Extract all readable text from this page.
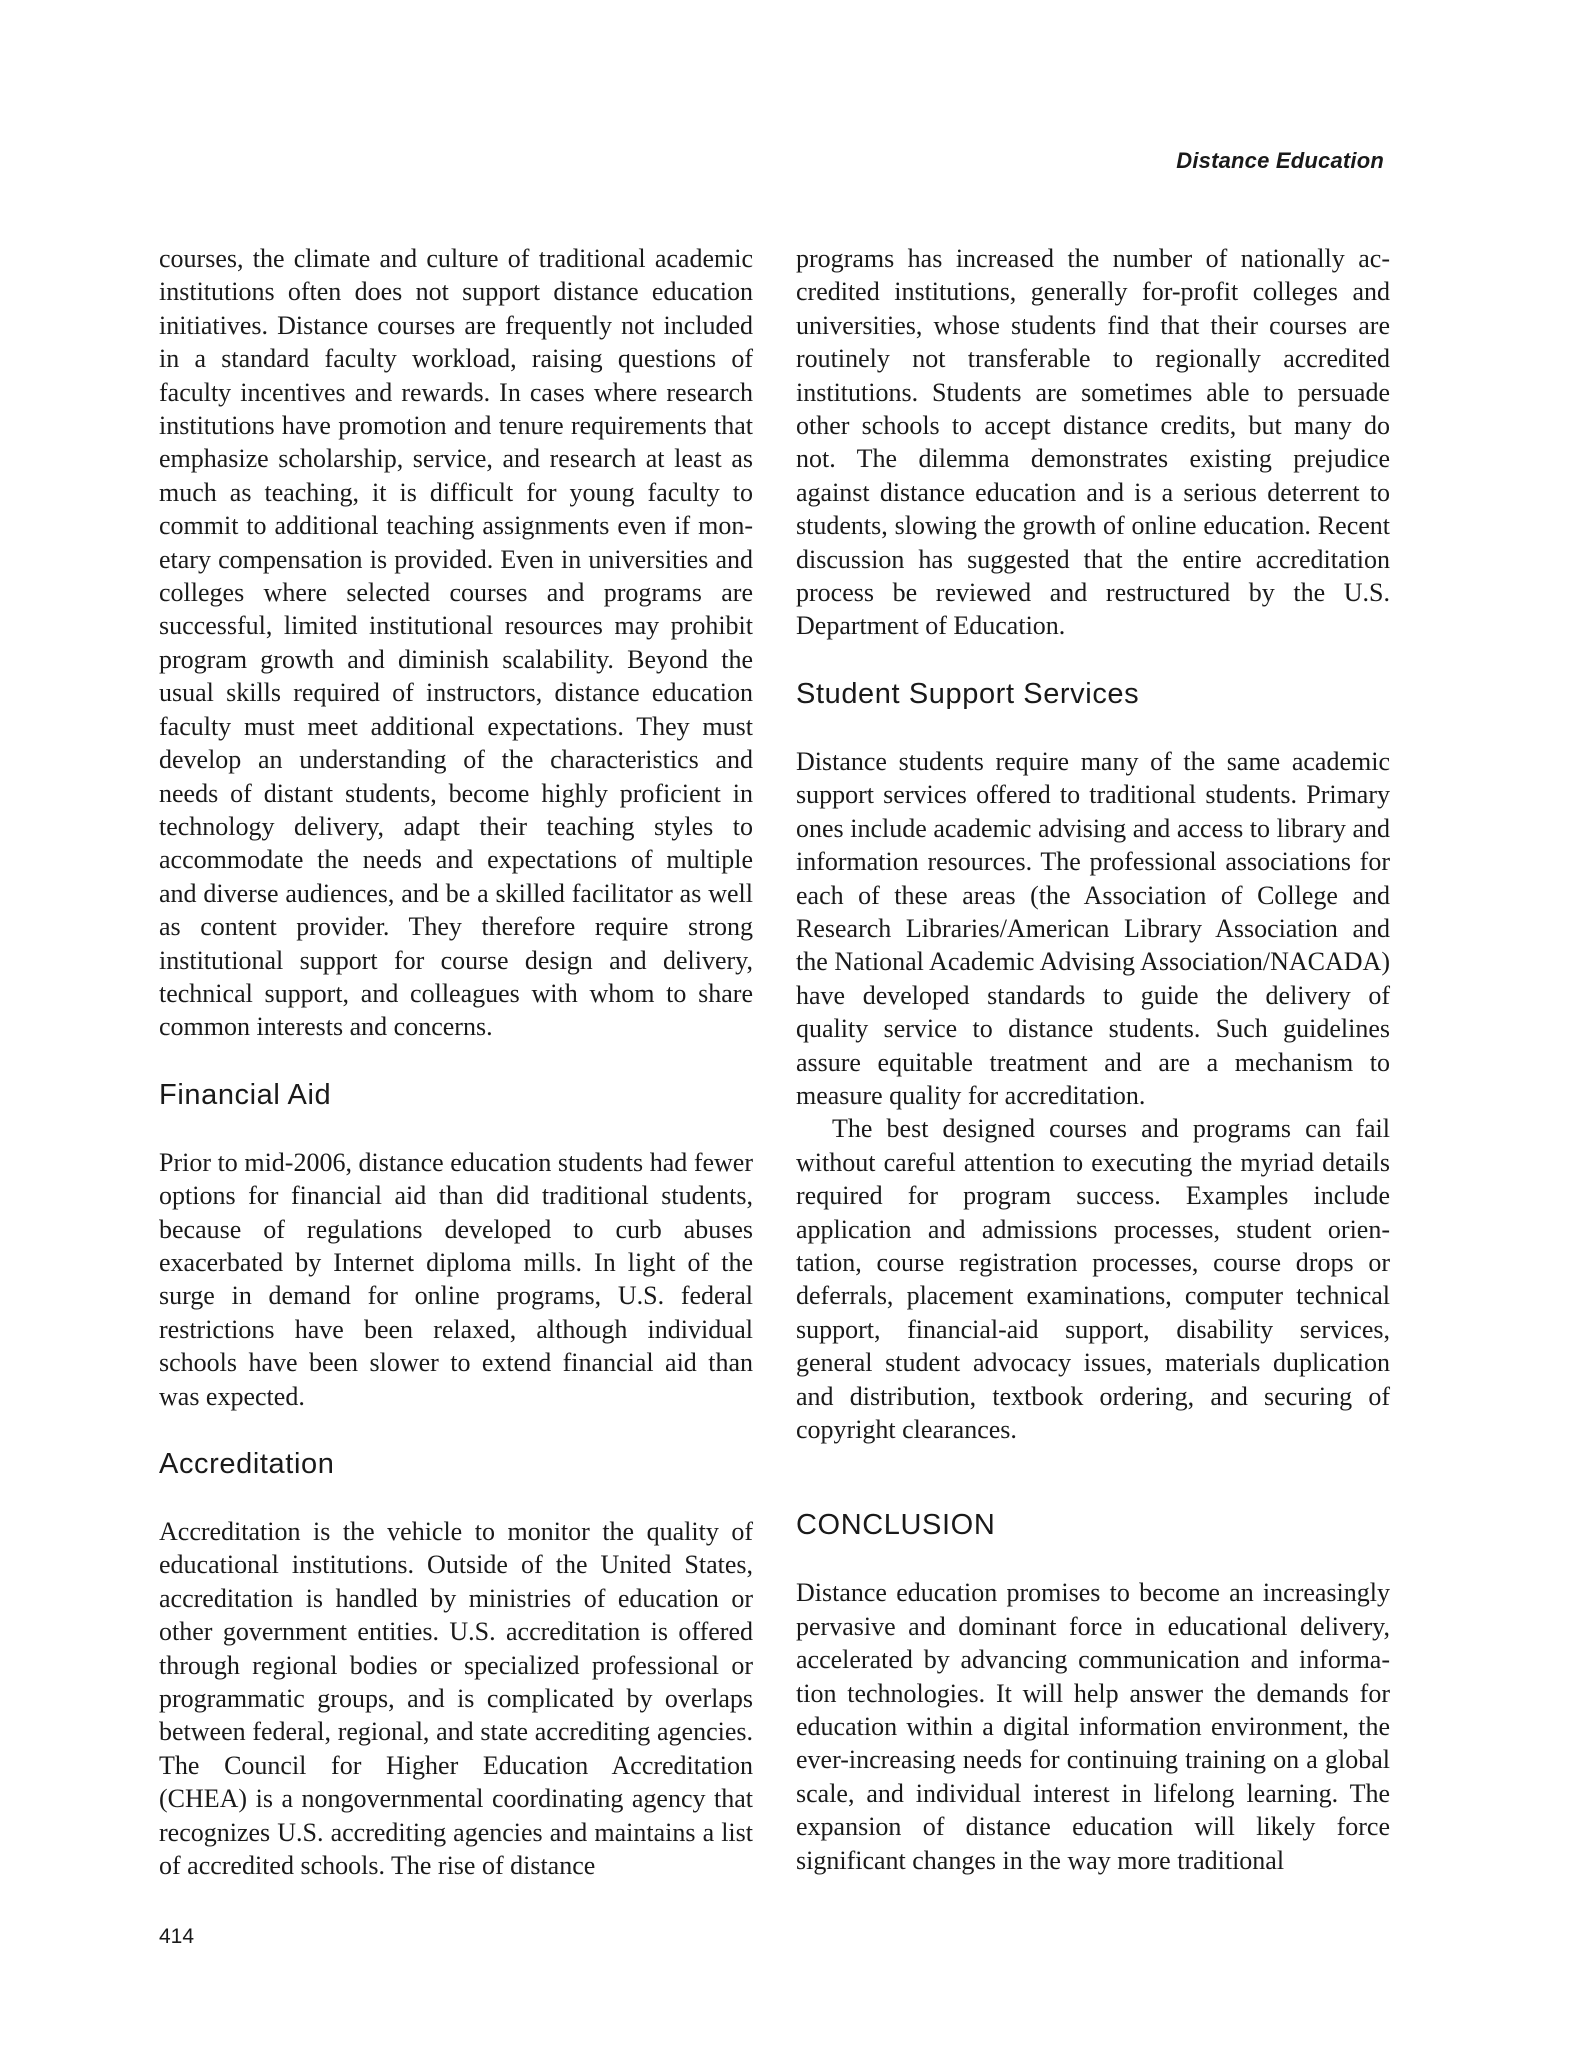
Distance Education

courses, the climate and culture of traditional academic institutions often does not support distance education initiatives. Distance courses are frequently not included in a standard faculty workload, raising questions of faculty incentives and rewards. In cases where research institutions have promotion and tenure requirements that emphasize scholarship, service, and research at least as much as teaching, it is difficult for young faculty to commit to additional teaching assignments even if monetary compensation is provided. Even in universities and colleges where selected courses and programs are successful, limited institutional resources may prohibit program growth and diminish scalability. Beyond the usual skills required of instructors, distance education faculty must meet additional expectations. They must develop an understanding of the characteristics and needs of distant students, become highly proficient in technology delivery, adapt their teaching styles to accommodate the needs and expectations of multiple and diverse audiences, and be a skilled facilitator as well as content provider. They therefore require strong institutional support for course design and delivery, technical support, and colleagues with whom to share common interests and concerns.

Financial Aid

Prior to mid-2006, distance education students had fewer options for financial aid than did traditional students, because of regulations developed to curb abuses exacerbated by Internet diploma mills. In light of the surge in demand for online programs, U.S. federal restrictions have been relaxed, although individual schools have been slower to extend financial aid than was expected.

Accreditation

Accreditation is the vehicle to monitor the quality of educational institutions. Outside of the United States, accreditation is handled by ministries of education or other government entities. U.S. accreditation is offered through regional bodies or specialized professional or programmatic groups, and is complicated by overlaps between federal, regional, and state accrediting agencies. The Council for Higher Education Accreditation (CHEA) is a nongovernmental coordinating agency that recognizes U.S. accrediting agencies and maintains a list of accredited schools. The rise of distance

programs has increased the number of nationally accredited institutions, generally for-profit colleges and universities, whose students find that their courses are routinely not transferable to regionally accredited institutions. Students are sometimes able to persuade other schools to accept distance credits, but many do not. The dilemma demonstrates existing prejudice against distance education and is a serious deterrent to students, slowing the growth of online education. Recent discussion has suggested that the entire accreditation process be reviewed and restructured by the U.S. Department of Education.

Student Support Services

Distance students require many of the same academic support services offered to traditional students. Primary ones include academic advising and access to library and information resources. The professional associations for each of these areas (the Association of College and Research Libraries/American Library Association and the National Academic Advising Association/NACADA) have developed standards to guide the delivery of quality service to distance students. Such guidelines assure equitable treatment and are a mechanism to measure quality for accreditation.

The best designed courses and programs can fail without careful attention to executing the myriad details required for program success. Examples include application and admissions processes, student orientation, course registration processes, course drops or deferrals, placement examinations, computer technical support, financial-aid support, disability services, general student advocacy issues, materials duplication and distribution, textbook ordering, and securing of copyright clearances.

CONCLUSION

Distance education promises to become an increasingly pervasive and dominant force in educational delivery, accelerated by advancing communication and information technologies. It will help answer the demands for education within a digital information environment, the ever-increasing needs for continuing training on a global scale, and individual interest in lifelong learning. The expansion of distance education will likely force significant changes in the way more traditional

414
